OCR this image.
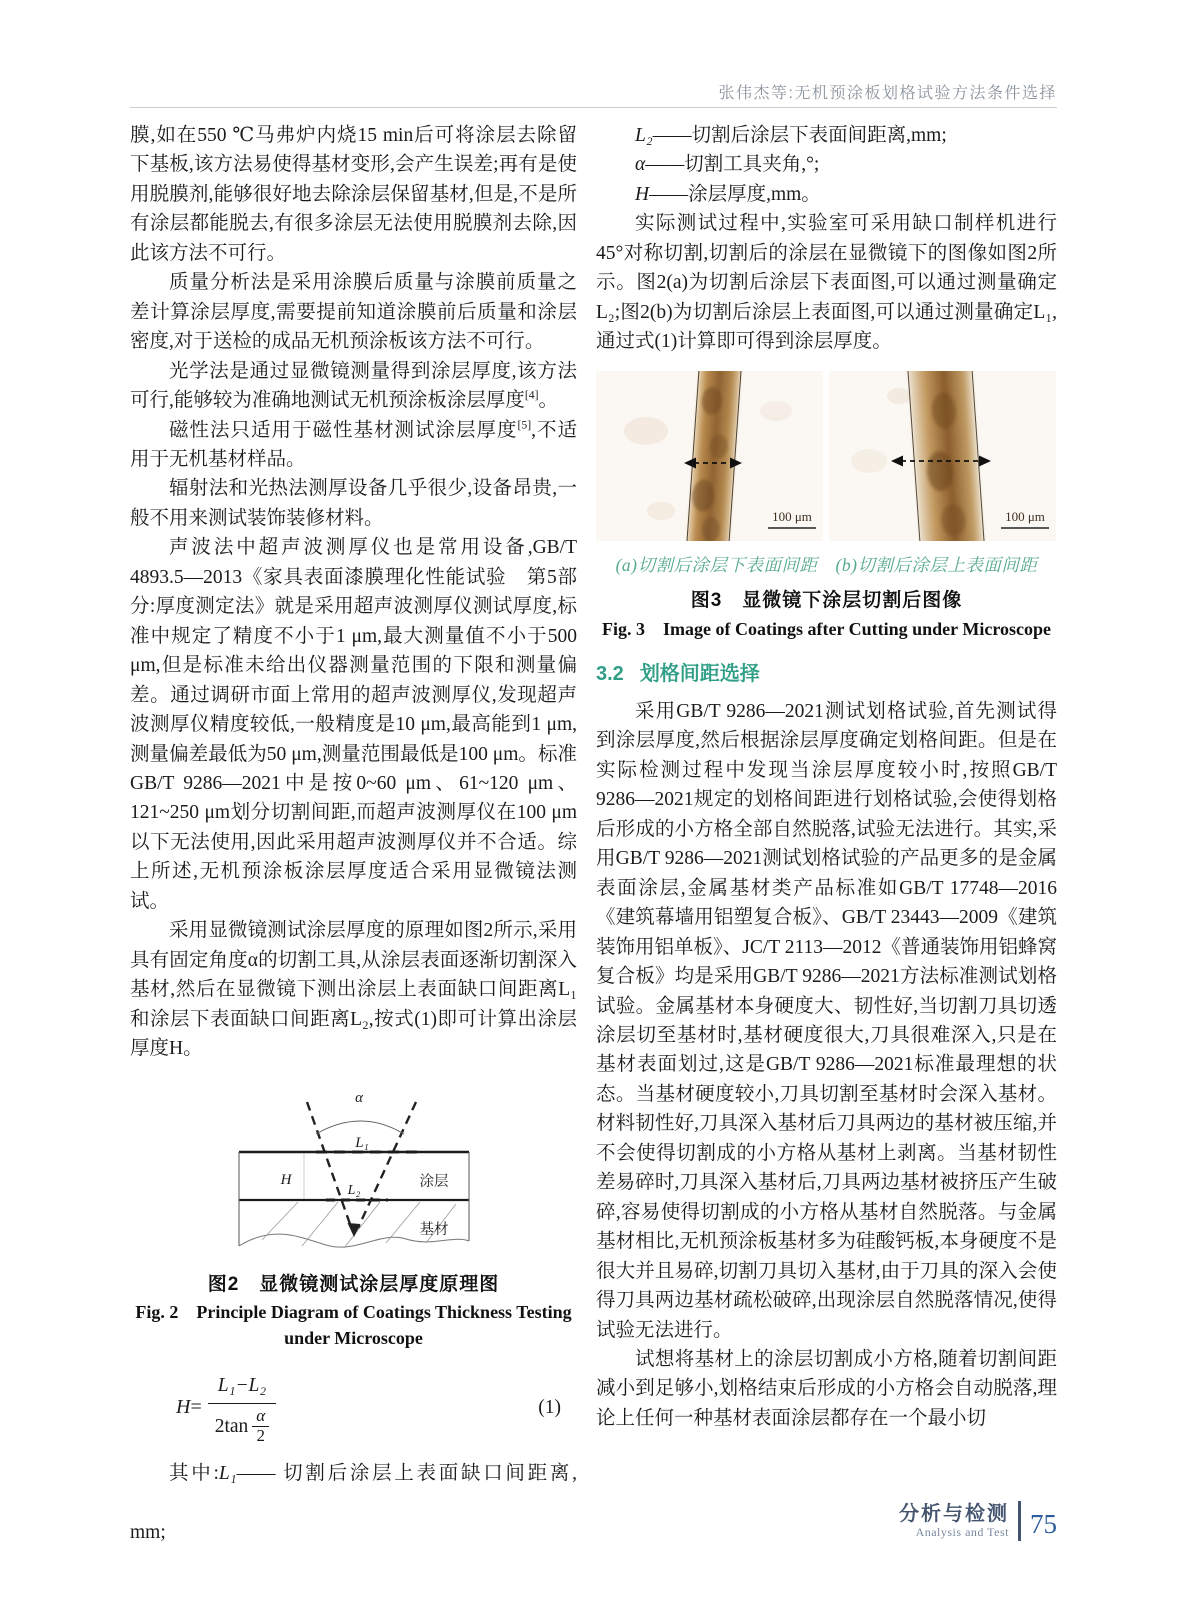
张伟杰等:无机预涂板划格试验方法条件选择

膜,如在550 ℃马弗炉内烧15 min后可将涂层去除留下基板,该方法易使得基材变形,会产生误差;再有是使用脱膜剂,能够很好地去除涂层保留基材,但是,不是所有涂层都能脱去,有很多涂层无法使用脱膜剂去除,因此该方法不可行。

质量分析法是采用涂膜后质量与涂膜前质量之差计算涂层厚度,需要提前知道涂膜前后质量和涂层密度,对于送检的成品无机预涂板该方法不可行。

光学法是通过显微镜测量得到涂层厚度,该方法可行,能够较为准确地测试无机预涂板涂层厚度[4]。

磁性法只适用于磁性基材测试涂层厚度[5],不适用于无机基材样品。

辐射法和光热法测厚设备几乎很少,设备昂贵,一般不用来测试装饰装修材料。

声波法中超声波测厚仪也是常用设备,GB/T 4893.5—2013《家具表面漆膜理化性能试验　第5部分:厚度测定法》就是采用超声波测厚仪测试厚度,标准中规定了精度不小于1 μm,最大测量值不小于500 μm,但是标准未给出仪器测量范围的下限和测量偏差。通过调研市面上常用的超声波测厚仪,发现超声波测厚仪精度较低,一般精度是10 μm,最高能到1 μm,测量偏差最低为50 μm,测量范围最低是100 μm。标准GB/T 9286—2021中是按0~60 μm、61~120 μm、121~250 μm划分切割间距,而超声波测厚仪在100 μm以下无法使用,因此采用超声波测厚仪并不合适。综上所述,无机预涂板涂层厚度适合采用显微镜法测试。

采用显微镜测试涂层厚度的原理如图2所示,采用具有固定角度α的切割工具,从涂层表面逐渐切割深入基材,然后在显微镜下测出涂层上表面缺口间距离L₁和涂层下表面缺口间距离L₂,按式(1)即可计算出涂层厚度H。

α
L₁
L₂
H	涂层
基材

图2　显微镜测试涂层厚度原理图

Fig. 2　Principle Diagram of Coatings Thickness Testing

under Microscope

H= L₁−L₂
2tan α
2	(1)

其中:L₁—— 切割后涂层上表面缺口间距离,

mm;

L₂——切割后涂层下表面间距离,mm;

α——切割工具夹角,°;

H——涂层厚度,mm。

实际测试过程中,实验室可采用缺口制样机进行45°对称切割,切割后的涂层在显微镜下的图像如图2所示。图2(a)为切割后涂层下表面图,可以通过测量确定L₂;图2(b)为切割后涂层上表面图,可以通过测量确定L₁,通过式(1)计算即可得到涂层厚度。

100 μm	100 μm

(a)切割后涂层下表面间距　(b)切割后涂层上表面间距

图3　显微镜下涂层切割后图像

Fig. 3　Image of Coatings after Cutting under Microscope

3.2 划格间距选择

采用GB/T 9286—2021测试划格试验,首先测试得到涂层厚度,然后根据涂层厚度确定划格间距。但是在实际检测过程中发现当涂层厚度较小时,按照GB/T 9286—2021规定的划格间距进行划格试验,会使得划格后形成的小方格全部自然脱落,试验无法进行。其实,采用GB/T 9286—2021测试划格试验的产品更多的是金属表面涂层,金属基材类产品标准如GB/T 17748—2016《建筑幕墙用铝塑复合板》、GB/T 23443—2009《建筑装饰用铝单板》、JC/T 2113—2012《普通装饰用铝蜂窝复合板》均是采用GB/T 9286—2021方法标准测试划格试验。金属基材本身硬度大、韧性好,当切割刀具切透涂层切至基材时,基材硬度很大,刀具很难深入,只是在基材表面划过,这是GB/T 9286—2021标准最理想的状态。当基材硬度较小,刀具切割至基材时会深入基材。材料韧性好,刀具深入基材后刀具两边的基材被压缩,并不会使得切割成的小方格从基材上剥离。当基材韧性差易碎时,刀具深入基材后,刀具两边基材被挤压产生破碎,容易使得切割成的小方格从基材自然脱落。与金属基材相比,无机预涂板基材多为硅酸钙板,本身硬度不是很大并且易碎,切割刀具切入基材,由于刀具的深入会使得刀具两边基材疏松破碎,出现涂层自然脱落情况,使得试验无法进行。

试想将基材上的涂层切割成小方格,随着切割间距减小到足够小,划格结束后形成的小方格会自动脱落,理论上任何一种基材表面涂层都存在一个最小切

分析与检测
Analysis and Test 75
